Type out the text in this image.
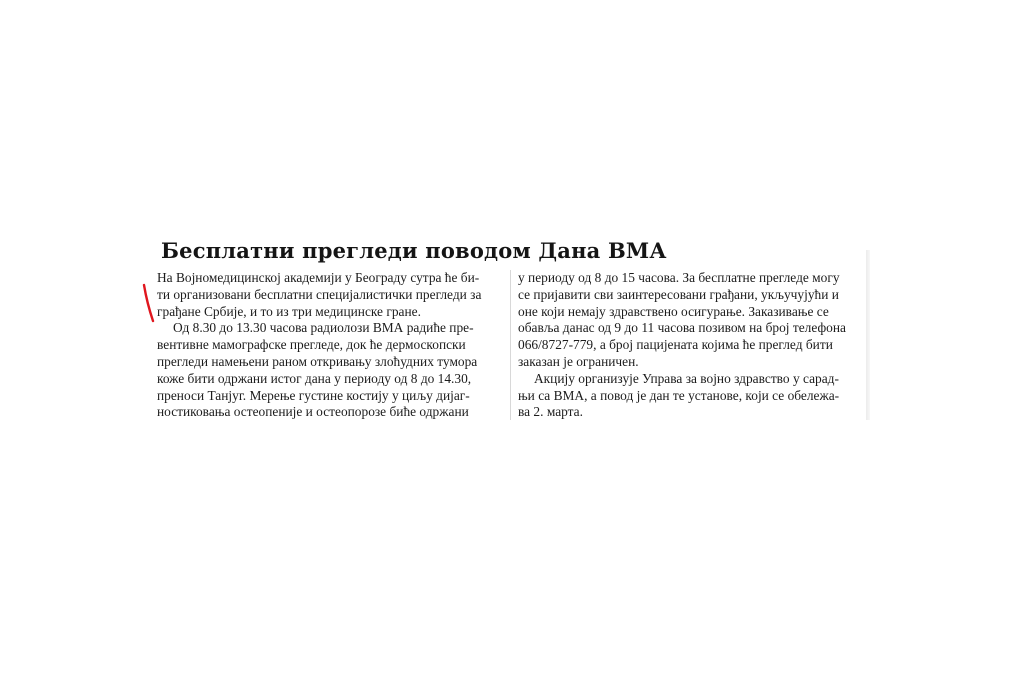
Бесплатни прегледи поводом Дана ВМА
На Војномедицинској академији у Београду сутра ће би-
ти организовани бесплатни специјалистички прегледи за
грађане Србије, и то из три медицинске гране.
Од 8.30 до 13.30 часова радиолози ВМА радиће пре-
вентивне мамографске прегледе, док ће дермоскопски
прегледи намењени раном откривању злоћудних тумора
коже бити одржани истог дана у периоду од 8 до 14.30,
преноси Танјуг. Мерење густине костију у циљу дијаг-
ностиковања остеопеније и остеопорозе биће одржани
у периоду од 8 до 15 часова. За бесплатне прегледе могу
се пријавити сви заинтересовани грађани, укључујући и
оне који немају здравствено осигурање. Заказивање се
обавља данас од 9 до 11 часова позивом на број телефона
066/8727-779, а број пацијената којима ће преглед бити
заказан је ограничен.
Акцију организује Управа за војно здравство у сарад-
њи са ВМА, а повод је дан те установе, који се обележа-
ва 2. марта.
